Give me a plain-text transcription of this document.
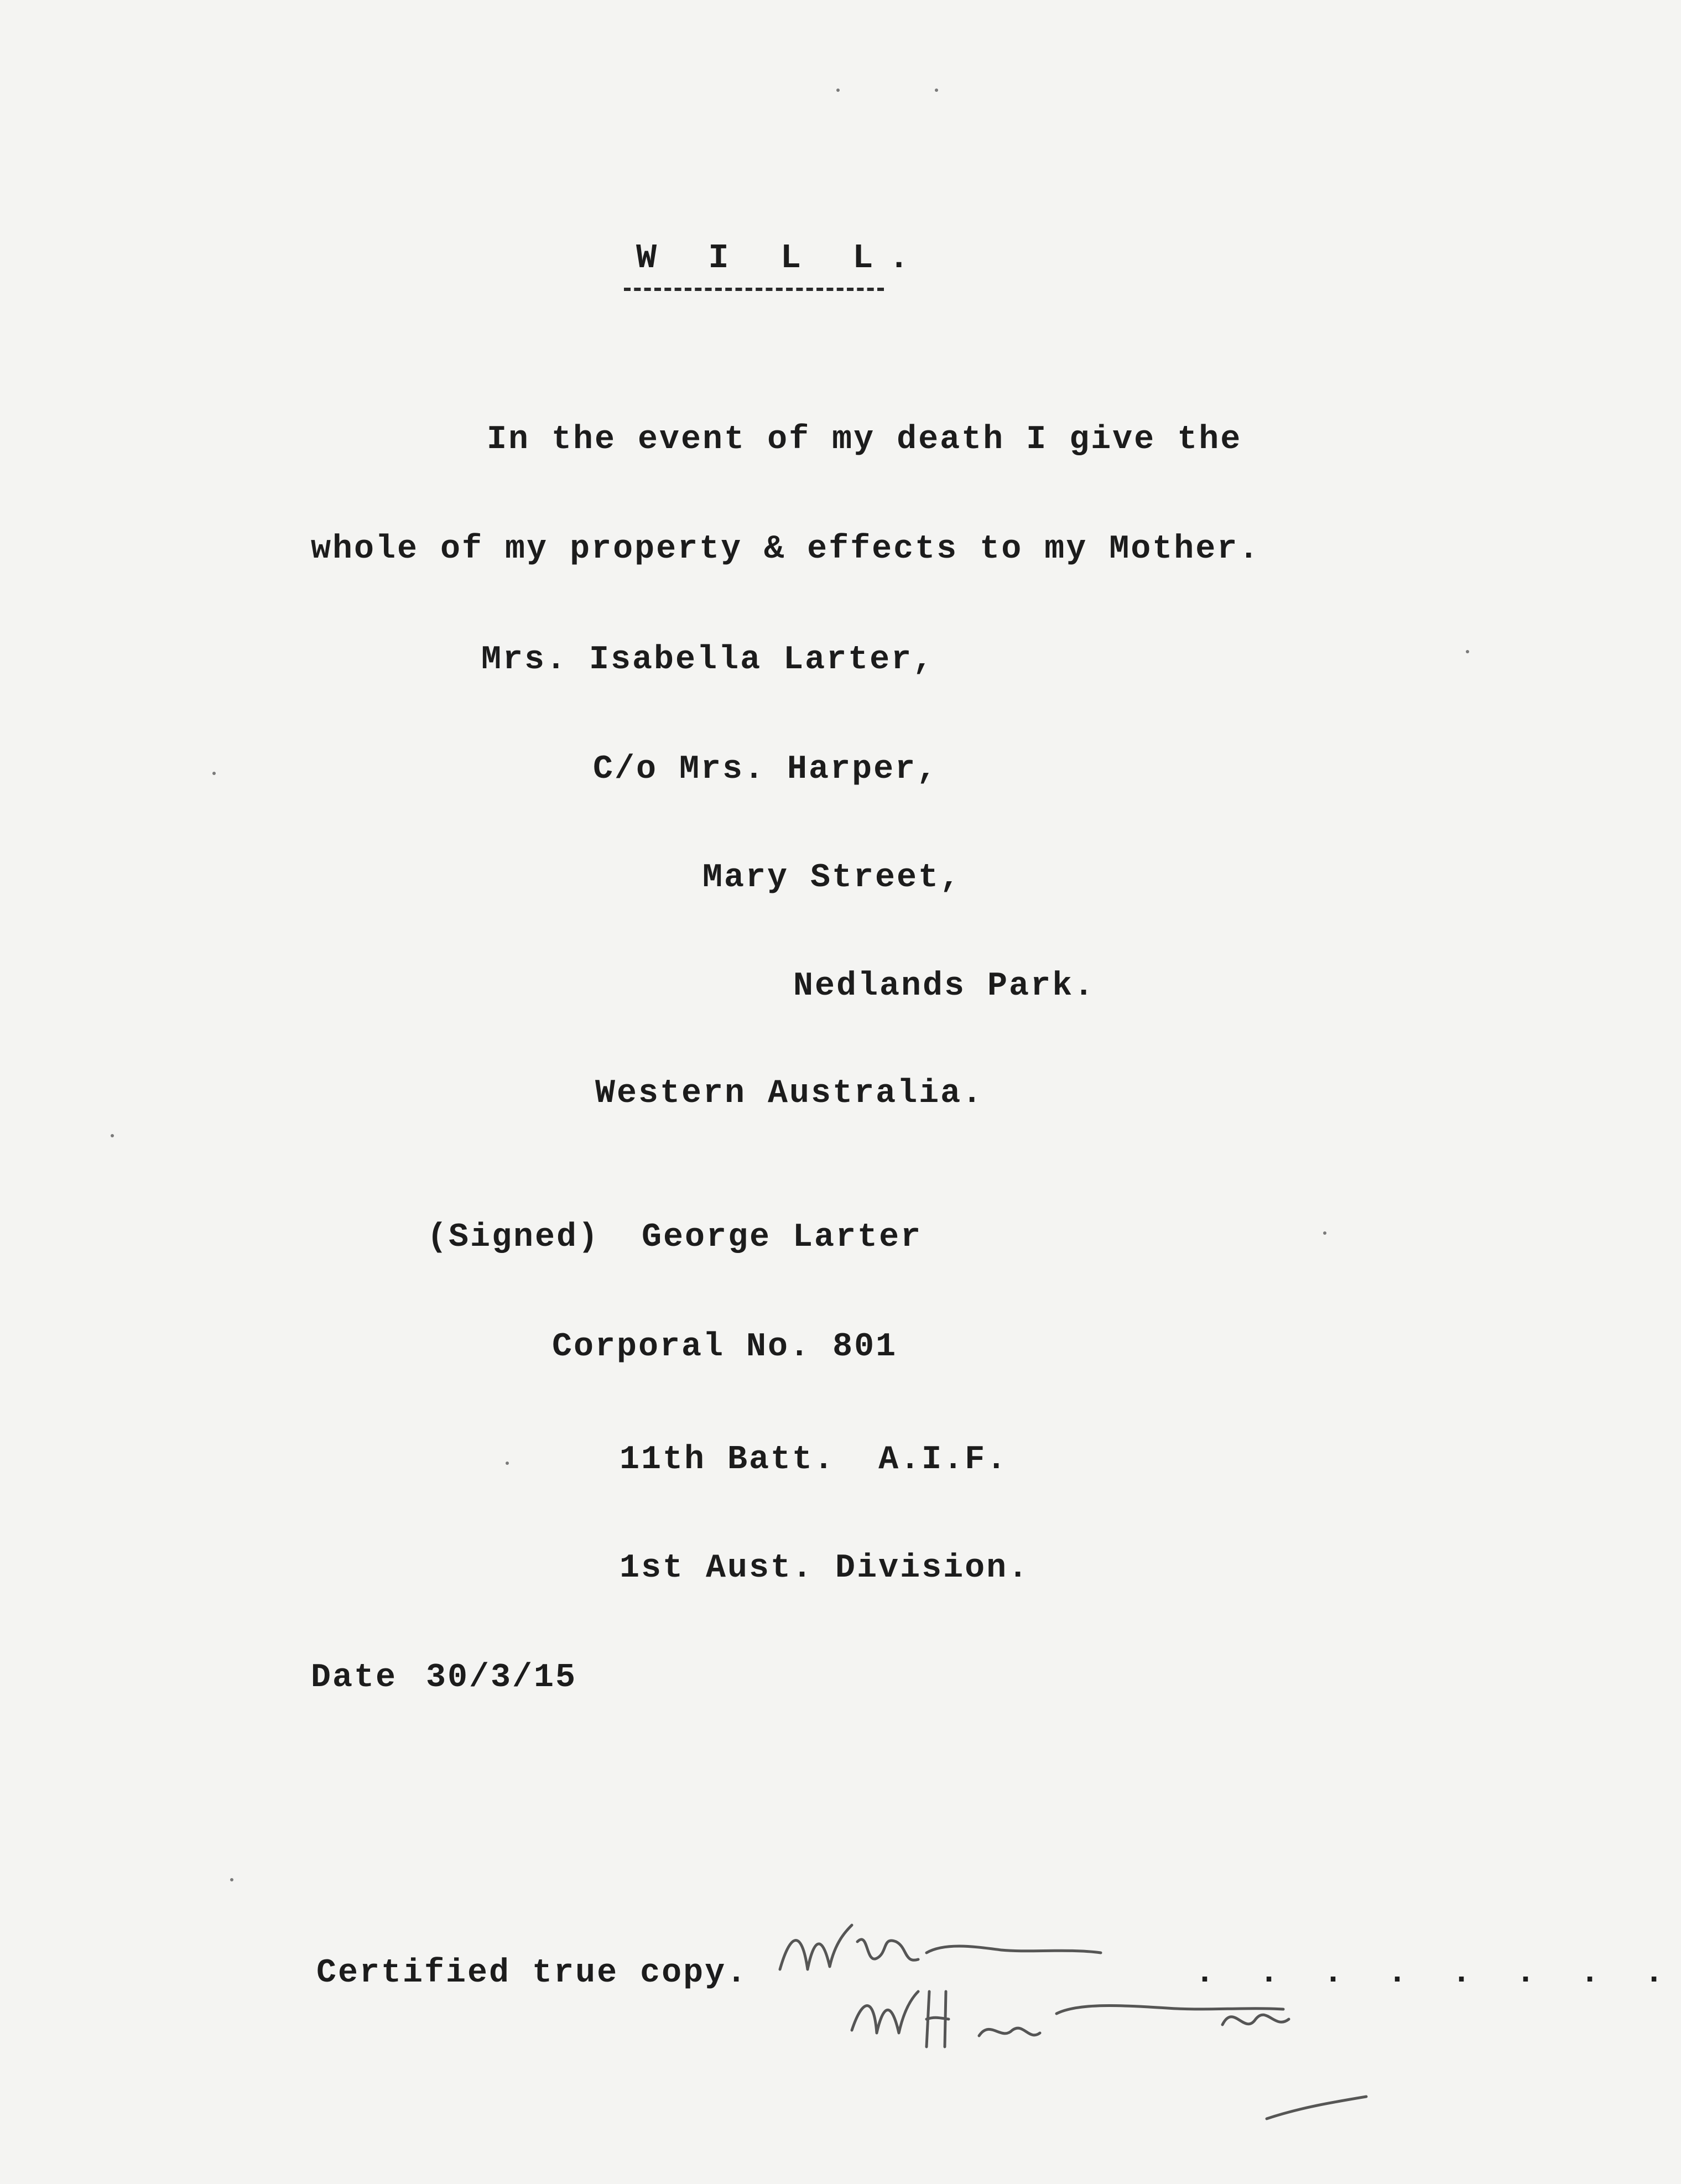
W I L L.
In the event of my death I give the
whole of my property & effects to my Mother.
Mrs. Isabella Larter,
C/o Mrs. Harper,
Mary Street,
Nedlands Park.
Western Australia.
(Signed) George Larter
Corporal No. 801
11th Batt.  A.I.F.
1st Aust. Division.
Date 30/3/15
Certified true copy.	. . . . . . . .
